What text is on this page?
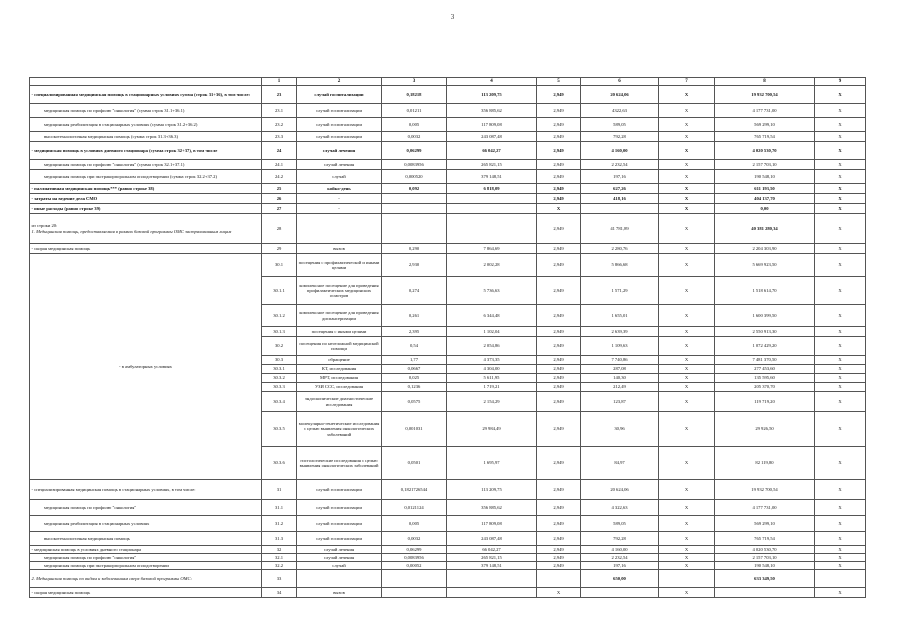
3
	1	2	3	4	5	6	7	8	9
- специализированная медицинская помощь в стационарных условиях сумма (строк 31+36), в том числе:	23	случай госпитализации	0,18218	113 209,75	2,949	20 624,06	Х	19 932 700,54	Х
медицинская помощь по профилю "онкология" (сумма строк 31.1+36.1)	23.1	случай госпитализации	0,01211	356 885,62	2,949	4322,63	Х	4 177 731,00	Х
медицинская реабилитация в стационарных условиях (сумма строк 31.2+36.2)	23.2	случай госпитализации	0,005	117 809,08	2,949	589,05	Х	569 299,10	Х
высокотехнологичная медицинская помощь (сумма строк 31.3+36.3)	23.3	случай госпитализации	0,0032	243 087,48	2,949	792,28	Х	765 719,54	Х
- медицинская помощь в условиях дневного стационара (сумма строк 32+37), в том числе	24	случай лечения	0,06299	66 042,27	2,949	4 160,00	Х	4 020 530,70	Х
медицинская помощь по профилю "онкология" (сумма строк 32.1+37.1)	24.1	случай лечения	0,0083956	265 821,15	2,949	2 232,54	Х	2 157 703,10	Х
медицинская помощь при экстракорпоральном оплодотворении (сумма строк 32.2+37.2)	24.2	случай	0,000520	379 148,51	2,949	197,16	Х	190 548,10	Х
- паллиативная медицинская помощь*** (равно строке 38)	25	койко-день	0,092	6 818,09	2,949	627,26	Х	611 193,50	Х
- затраты на ведение дела СМО	26	-			2,949	418,16	Х	404 137,70	Х
- иные расходы (равно строке 39)	27	-			Х		Х	0,00	Х
из строки 20:
1. Медицинская помощь, предоставляемая в рамках базовой программы ОМС застрахованным лицам	28				2,949	41 781,89	Х	40 381 280,34	Х
- скорая медицинская помощь	29	вызов	0,290	7 864,69	2,949	2 280,76	Х	2 204 303,90	Х
- в амбулаторных условиях	30.1	посещения с профилактической и иными целями	2,930	2 002,28	2,949	5 866,68	Х	5 669 923,50	Х
	30.1.1	комплексное посещение для проведения профилактических медицинских осмотров	0,274	5 736,63	2,949	1 571,29	Х	1 518 614,70	Х
	30.1.2	комплексное посещение для проведения диспансеризации	0,261	6 344,48	2,949	1 655,01	Х	1 600 399,50	Х
	30.1.3	посещения с иными целями	2,395	1 102,04	2,949	2 639,39	Х	2 550 913,30	Х
	30.2	посещения по неотложной медицинской помощи	0,54	2 054,86	2,949	1 109,63	Х	1 072 429,20	Х
	30.3	обращение	1,77	4 373,35	2,949	7 740,86	Х	7 481 370,50	Х
	30.3.1	КТ, исследования	0,0667	4 304,00	2,949	287,08	Х	277 453,60	Х
	30.3.2	МРТ, исследования	0,025	5 611,95	2,949	140,30	Х	135 595,60	Х
	30.3.3	УЗИ ССС, исследования	0,1236	1 719,21	2,949	212,49	Х	205 370,70	Х
	30.3.4	эндоскопические диагностические исследования	0,0575	2 154,29	2,949	123,87	Х	119 719,20	Х
	30.3.5	молекулярно-генетические исследования с целью выявления онкологических заболеваний	0,001031	29 984,49	2,949	30,96	Х	29 926,50	Х
	30.3.6	гистологические исследования с целью выявления онкологических заболеваний	0,0501	1 695,97	2,949	84,97	Х	82 119,80	Х
- специализированная медицинская помощь в стационарных условиях, в том числе:	31	случай госпитализации	0,1821726544	113 209,75	2,949	20 624,06	Х	19 932 700,54	Х
медицинская помощь по профилю "онкология"	31.1	случай госпитализации	0,0121124	356 885,62	2,949	4 322,63	Х	4 177 731,00	Х
медицинская реабилитация в стационарных условиях	31.2	случай госпитализации	0,005	117 809,08	2,949	589,05	Х	569 299,10	Х
высокотехнологичная медицинская помощь	31.3	случай госпитализации	0,0032	243 087,48	2,949	792,28	Х	765 719,54	Х
- медицинская помощь в условиях дневного стационара	32	случай лечения	0,06299	66 042,27	2,949	4 160,00	Х	4 020 530,70	Х
медицинская помощь по профилю "онкология"	32.1	случай лечения	0,0083956	265 821,15	2,949	2 232,54	Х	2 157 703,10	Х
медицинская помощь при экстракорпоральном оплодотворении	32.2	случай	0,00052	379 148,51	2,949	197,16	Х	190 548,10	Х
2. Медицинская помощь по видам и заболеваниям сверх базовой программы ОМС:	33					650,00		633 349,50	
- скорая медицинская помощь	34	вызов			Х		Х		Х
